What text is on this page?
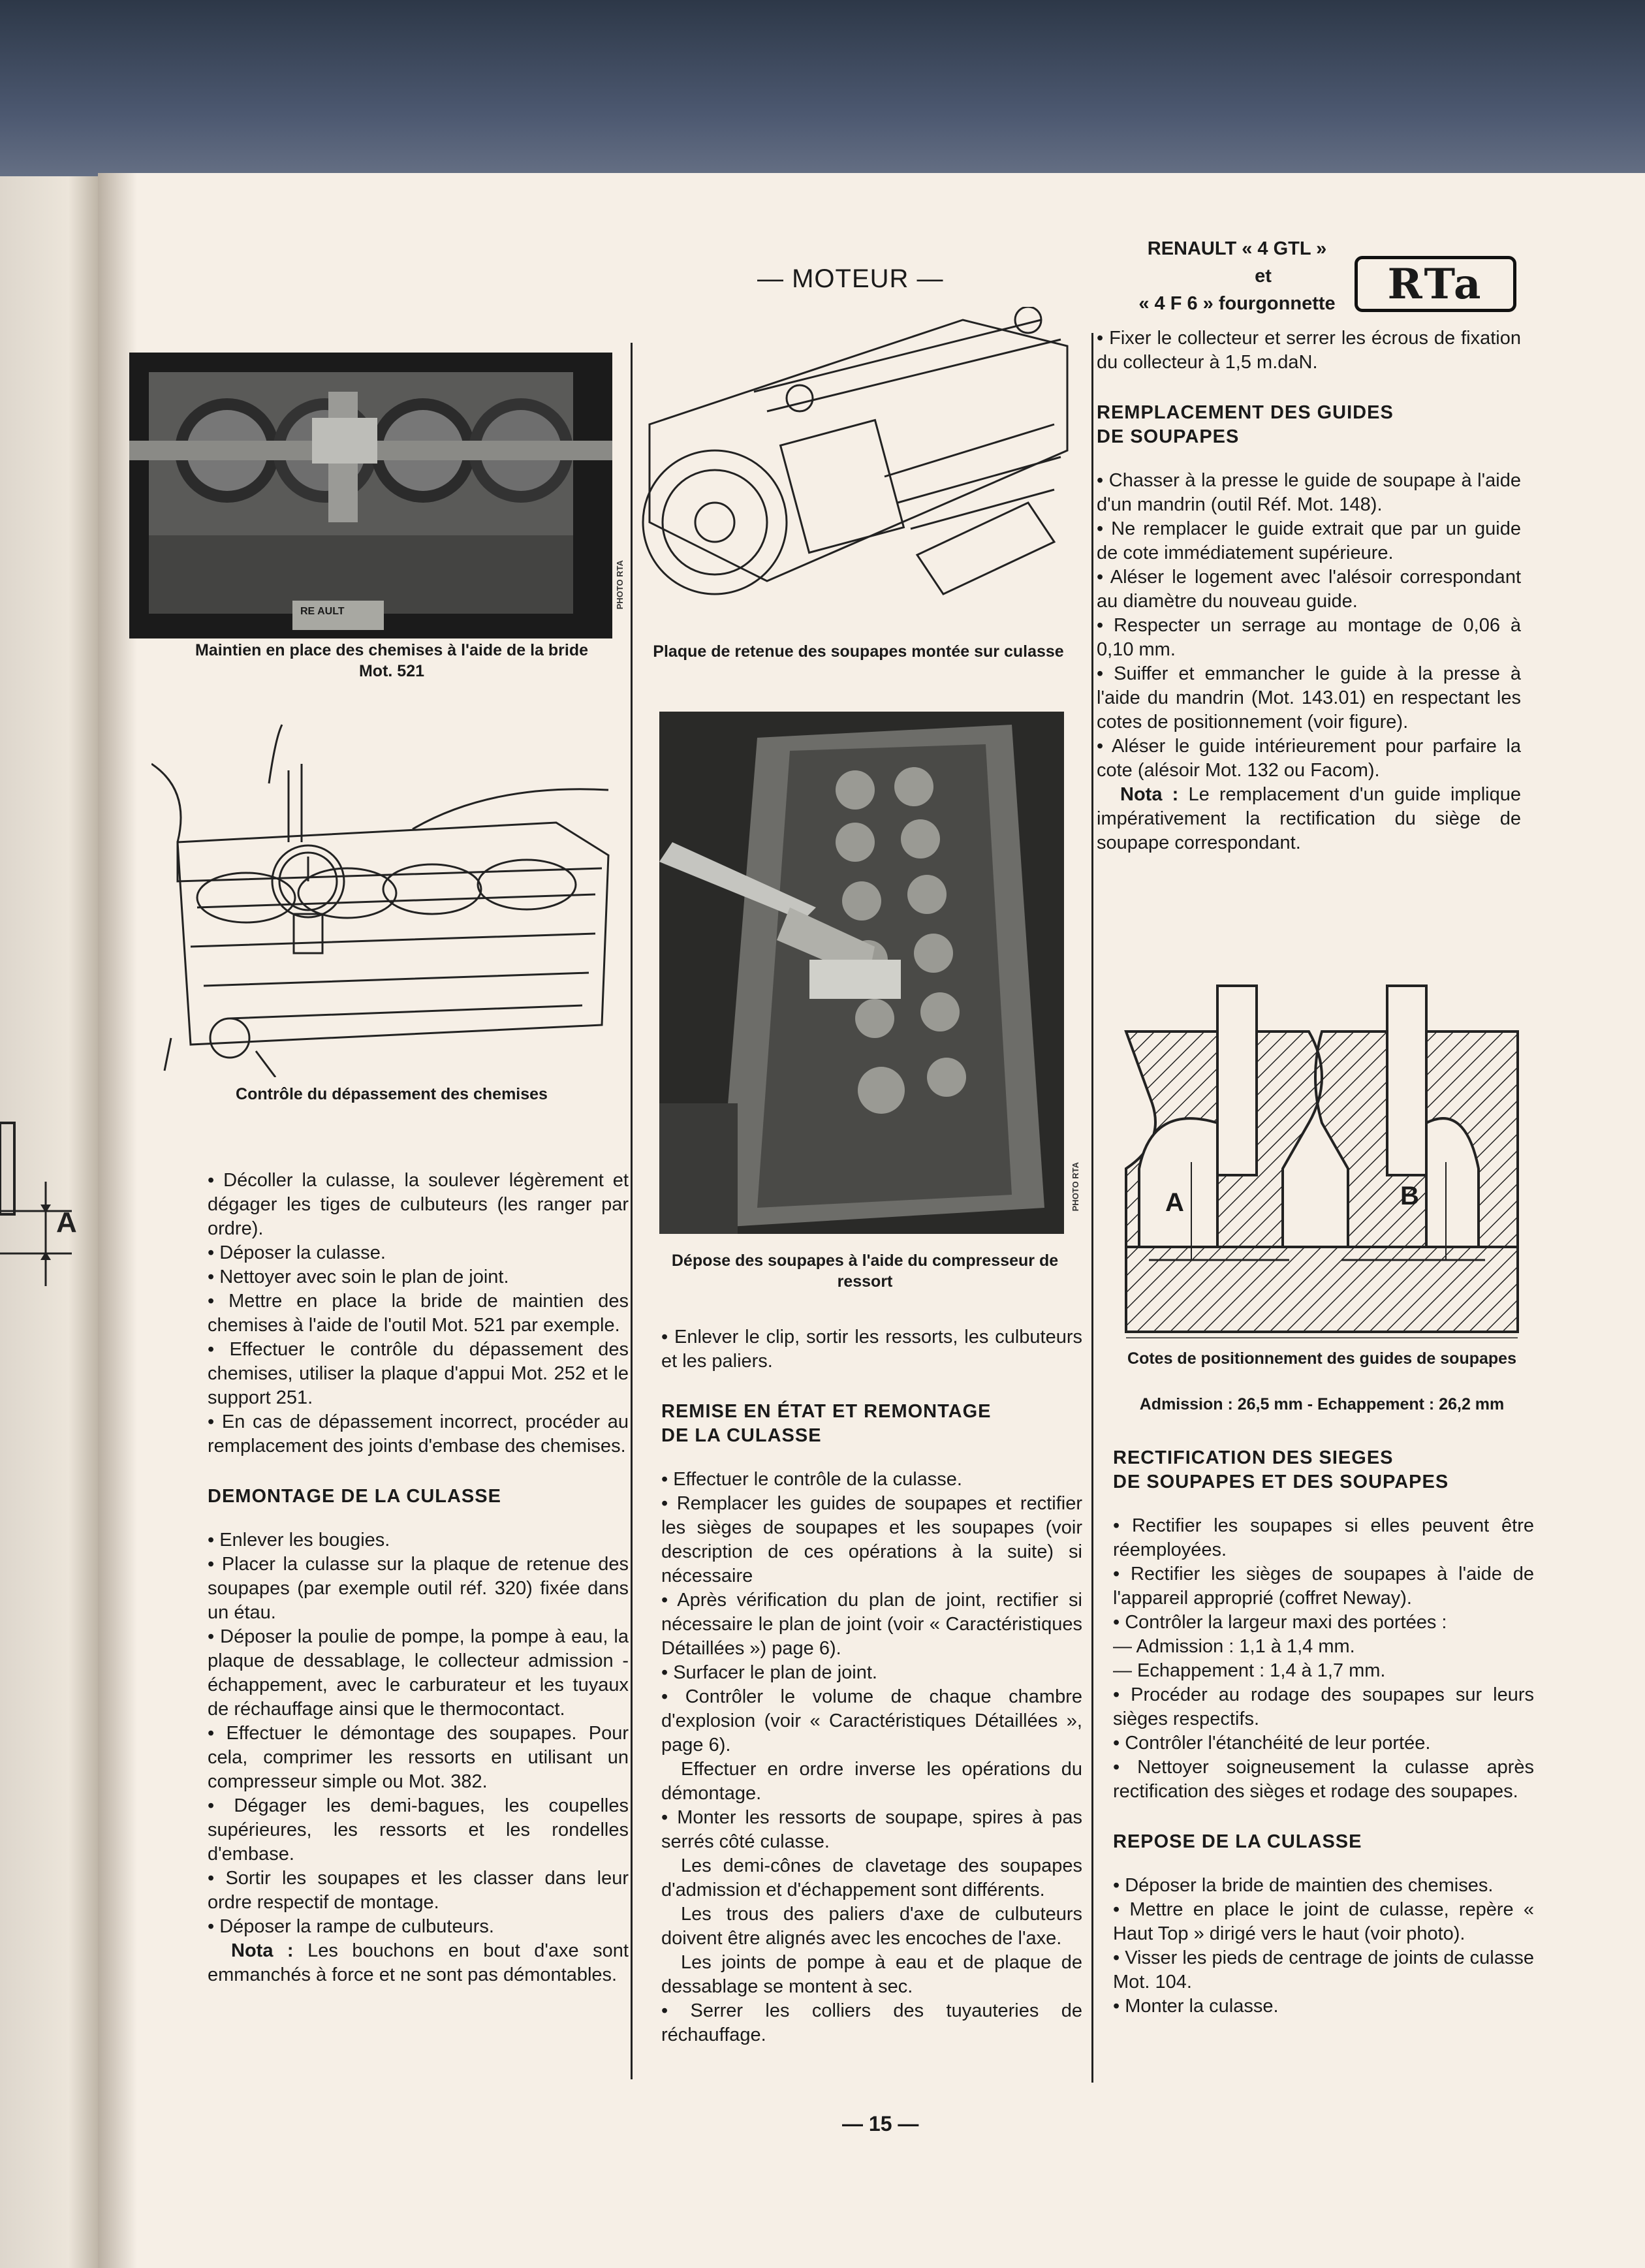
A
— MOTEUR —
RENAULT « 4 GTL »
et
« 4 F 6 » fourgonnette	RTa
RE AULT
PHOTO RTA
Maintien en place des chemises à l'aide de la bride Mot. 521
Contrôle du dépassement des chemises
Plaque de retenue des soupapes montée sur culasse
PHOTO RTA
Dépose des soupapes à l'aide du compresseur de ressort
A	B
Cotes de positionnement des guides de soupapes
Admission : 26,5 mm - Echappement : 26,2 mm

• Décoller la culasse, la soulever légèrement et dégager les tiges de culbuteurs (les ranger par ordre).

• Déposer la culasse.

• Nettoyer avec soin le plan de joint.

• Mettre en place la bride de maintien des chemises à l'aide de l'outil Mot. 521 par exemple.

• Effectuer le contrôle du dépassement des chemises, utiliser la plaque d'appui Mot. 252 et le support 251.

• En cas de dépassement incorrect, procéder au remplacement des joints d'embase des chemises.

DEMONTAGE DE LA CULASSE

• Enlever les bougies.

• Placer la culasse sur la plaque de retenue des soupapes (par exemple outil réf. 320) fixée dans un étau.

• Déposer la poulie de pompe, la pompe à eau, la plaque de dessablage, le collecteur admission - échappement, avec le carburateur et les tuyaux de réchauffage ainsi que le thermocontact.

• Effectuer le démontage des soupapes. Pour cela, comprimer les ressorts en utilisant un compresseur simple ou Mot. 382.

• Dégager les demi-bagues, les coupelles supérieures, les ressorts et les rondelles d'embase.

• Sortir les soupapes et les classer dans leur ordre respectif de montage.

• Déposer la rampe de culbuteurs.

Nota : Les bouchons en bout d'axe sont emmanchés à force et ne sont pas démontables.

• Enlever le clip, sortir les ressorts, les culbuteurs et les paliers.

REMISE EN ÉTAT ET REMONTAGE
DE LA CULASSE

• Effectuer le contrôle de la culasse.

• Remplacer les guides de soupapes et rectifier les sièges de soupapes et les soupapes (voir description de ces opérations à la suite) si nécessaire

• Après vérification du plan de joint, rectifier si nécessaire le plan de joint (voir « Caractéristiques Détaillées ») page 6).

• Surfacer le plan de joint.

• Contrôler le volume de chaque chambre d'explosion (voir « Caractéristiques Détaillées », page 6).

Effectuer en ordre inverse les opérations du démontage.

• Monter les ressorts de soupape, spires à pas serrés côté culasse.

Les demi-cônes de clavetage des soupapes d'admission et d'échappement sont différents.

Les trous des paliers d'axe de culbuteurs doivent être alignés avec les encoches de l'axe.

Les joints de pompe à eau et de plaque de dessablage se montent à sec.

• Serrer les colliers des tuyauteries de réchauffage.

• Fixer le collecteur et serrer les écrous de fixation du collecteur à 1,5 m.daN.

REMPLACEMENT DES GUIDES
DE SOUPAPES

• Chasser à la presse le guide de soupape à l'aide d'un mandrin (outil Réf. Mot. 148).

• Ne remplacer le guide extrait que par un guide de cote immédiatement supérieure.

• Aléser le logement avec l'alésoir correspondant au diamètre du nouveau guide.

• Respecter un serrage au montage de 0,06 à 0,10 mm.

• Suiffer et emmancher le guide à la presse à l'aide du mandrin (Mot. 143.01) en respectant les cotes de positionnement (voir figure).

• Aléser le guide intérieurement pour parfaire la cote (alésoir Mot. 132 ou Facom).

Nota : Le remplacement d'un guide implique impérativement la rectification du siège de soupape correspondant.

RECTIFICATION DES SIEGES
DE SOUPAPES ET DES SOUPAPES

• Rectifier les soupapes si elles peuvent être réemployées.

• Rectifier les sièges de soupapes à l'aide de l'appareil approprié (coffret Neway).

• Contrôler la largeur maxi des portées :

— Admission : 1,1 à 1,4 mm.

— Echappement : 1,4 à 1,7 mm.

• Procéder au rodage des soupapes sur leurs sièges respectifs.

• Contrôler l'étanchéité de leur portée.

• Nettoyer soigneusement la culasse après rectification des sièges et rodage des soupapes.

REPOSE DE LA CULASSE

• Déposer la bride de maintien des chemises.

• Mettre en place le joint de culasse, repère « Haut Top » dirigé vers le haut (voir photo).

• Visser les pieds de centrage de joints de culasse Mot. 104.

• Monter la culasse.

— 15 —
